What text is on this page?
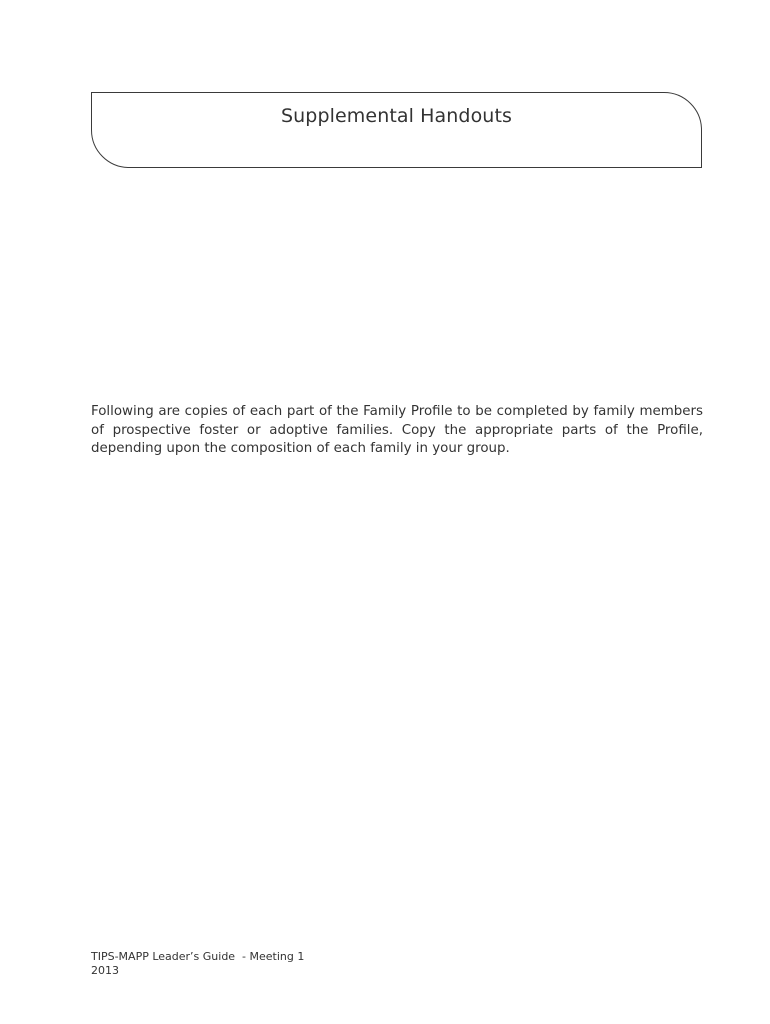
Supplemental Handouts

Following are copies of each part of the Family Profile to be completed by family members of prospective foster or adoptive families. Copy the appropriate parts of the Profile, depending upon the composition of each family in your group.

TIPS-MAPP Leader’s Guide  - Meeting 1
2013
